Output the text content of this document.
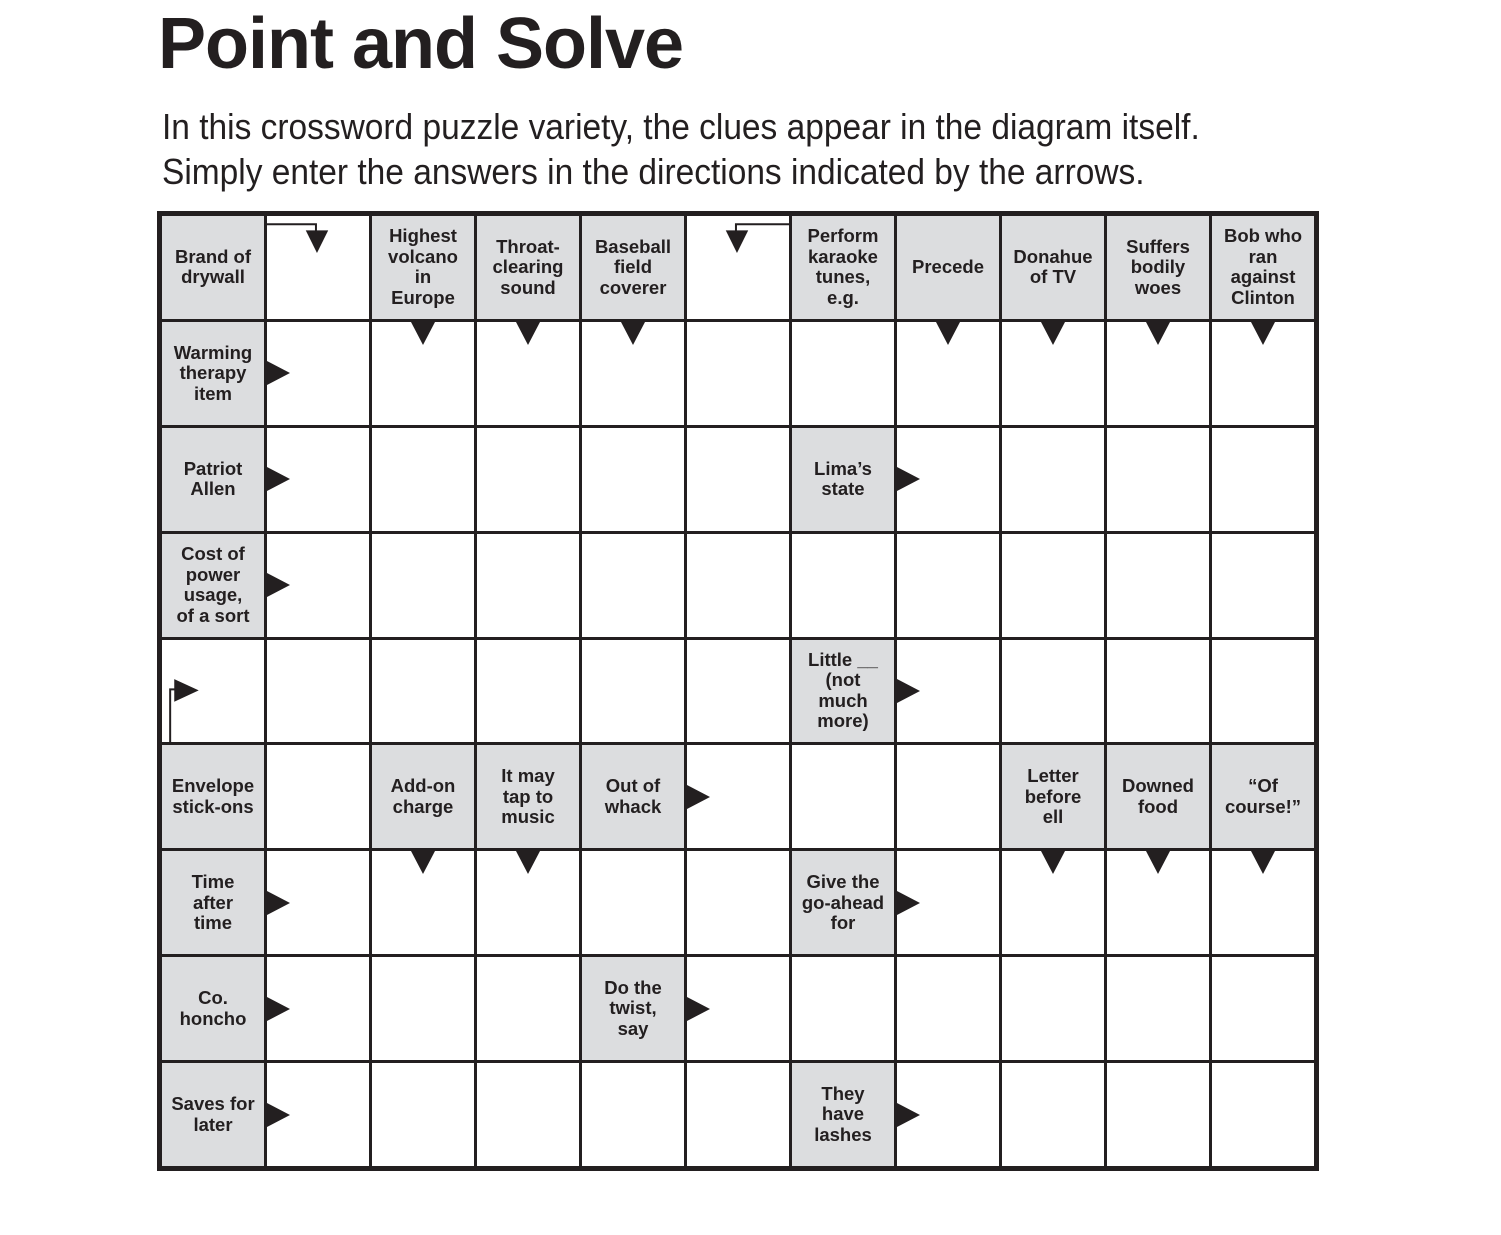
Point and Solve
In this crossword puzzle variety, the clues appear in the diagram itself.
Simply enter the answers in the directions indicated by the arrows.
Brand of
drywall
Highest
volcano
in
Europe
Throat-
clearing
sound
Baseball
field
coverer
Perform
karaoke
tunes,
e.g.
Precede Donahue
of TV
Suffers
bodily
woes
Bob who
ran
against
Clinton
Warming
therapy
item
Patriot
Allen
Lima’s
state
Cost of
power
usage,
of a sort
Little __
(not
much
more)
Envelope
stick-ons
Add-on
charge
It may
tap to
music
Out of
whack
Letter
before
ell
Downed
food
“Of
course!”
Time
after
time
Give the
go-ahead
for
Co.
honcho
Do the
twist,
say
Saves for
later
They
have
lashes
